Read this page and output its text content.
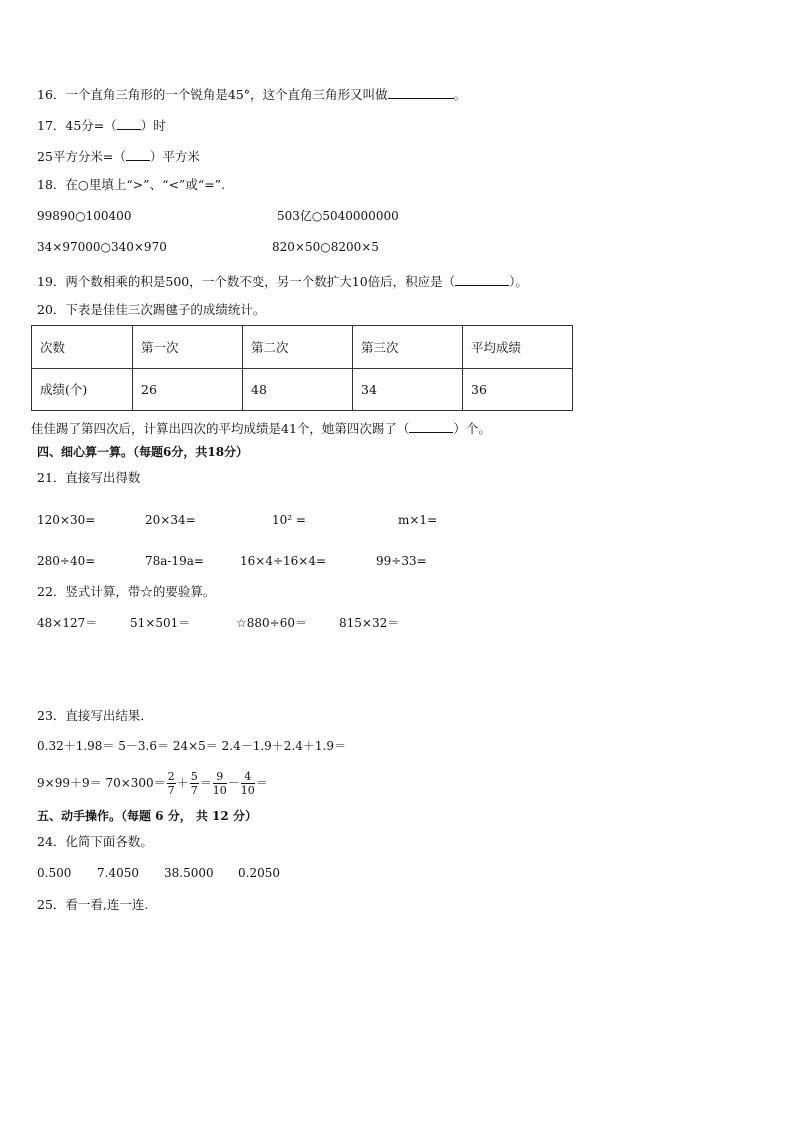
16．一个直角三角形的一个锐角是45°，这个直角三角形又叫做	。
17．45分=（ ）时
25平方分米=（ ）平方米
18．在○里填上“>”、“<”或“=”.
99890○100400	503亿○5040000000
34×97000○340×970	820×50○8200×5
19．两个数相乘的积是500，一个数不变，另一个数扩大10倍后，积应是（	）。
20．下表是佳佳三次踢毽子的成绩统计。
次数	第一次	第二次	第三次	平均成绩
成绩(个)	26	48	34	36
佳佳踢了第四次后，计算出四次的平均成绩是41个，她第四次踢了（	）个。
四、细心算一算。（每题6分，共18分）
21．直接写出得数
120×30=	20×34=	10² =	m×1=
280÷40=	78a-19a=	16×4÷16×4=	99÷33=
22．竖式计算，带☆的要验算。
48×127＝	51×501＝	☆880÷60＝	815×32＝
23．直接写出结果．
0.32＋1.98＝ 5－3.6＝ 24×5＝ 2.4－1.9＋2.4＋1.9＝
$9\times 99+9= 70\times 300= \frac{2}{7} + \frac{5}{7} = \frac{9}{10} - \frac{4}{10}$ ＝
五、动手操作。（每题 6 分， 共 12 分）
24．化简下面各数。
0.500 7.4050 38.5000 0.2050
25．看一看,连一连.
